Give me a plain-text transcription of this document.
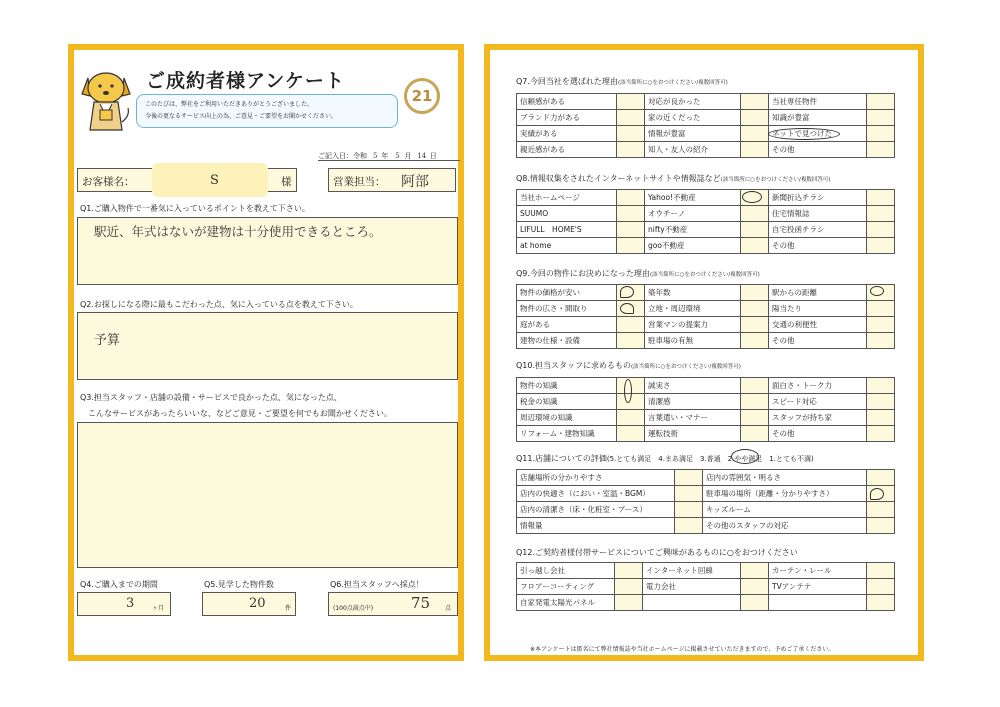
ご成約者様アンケート
このたびは、弊社をご利用いただきありがとうございました。
今後の更なるサービス向上の為、ご意見・ご要望をお聞かせください。
21
ご記入日：令和 5 年 5 月 14 日
お客様名：	S	様	営業担当： 阿部
Q1.ご購入物件で一番気に入っているポイントを教えて下さい。
駅近、年式はないが建物は十分使用できるところ。
Q2.お探しになる際に最もこだわった点、気に入っている点を教えて下さい。
予算
Q3.担当スタッフ・店舗の設備・サービスで良かった点、気になった点、
こんなサービスがあったらいいな、などご意見・ご要望を何でもお聞かせください。
Q4.ご購入までの期間
3	ヶ月
Q5.見学した物件数
20	件
Q6.担当スタッフへ採点！
(100点満点中)	75 点
Q7.今回当社を選ばれた理由(該当箇所に○をおつけください/複数回答可)
信頼感がある		対応が良かった		当社専任物件	
ブランド力がある		家の近くだった		知識が豊富	
実績がある		情報が豊富		ネットで見つけた	
親近感がある		知人・友人の紹介		その他	
Q8.情報収集をされたインターネットサイトや情報誌など(該当箇所に○をおつけください/複数回答可)
当社ホームページ		Yahoo!不動産		新聞折込チラシ	
SUUMO		オウチーノ		住宅情報誌	
LIFULL　HOME'S		nifty不動産		自宅投函チラシ	
at home		goo不動産		その他	
Q9.今回の物件にお決めになった理由(該当箇所に○をおつけください/複数回答可)
物件の価格が安い		築年数		駅からの距離	
物件の広さ・間取り		立地・周辺環境		陽当たり	
庭がある		営業マンの提案力		交通の利便性	
建物の仕様・設備		駐車場の有無		その他	
Q10.担当スタッフに求めるもの(該当箇所に○をおつけください/複数回答可)
物件の知識		誠実さ		面白さ・トーク力	
税金の知識		清潔感		スピード対応	
周辺環境の知識		言葉遣い・マナー		スタッフが持ち家	
リフォーム・建物知識		運転技術		その他	
Q11.店舗についての評価(5.とても満足　4.まあ満足　3.普通　2.やや満足　1.とても不満)
店舗場所の分かりやすさ		店内の雰囲気・明るさ	
店内の快適さ（におい・室温・BGM）		駐車場の場所（距離・分かりやすさ）	
店内の清潔さ（床・化粧室・ブース）		キッズルーム	
情報量		その他のスタッフの対応	
Q12.ご契約者様付帯サービスについてご興味があるものに○をおつけください
引っ越し会社		インターネット回線		カーテン・レール	
フロアーコーティング		電力会社		TVアンテナ	
自家発電太陽光パネル					
※本アンケートは匿名にて弊社情報誌や当社ホームページに掲載させていただきますので、予めご了承ください。
